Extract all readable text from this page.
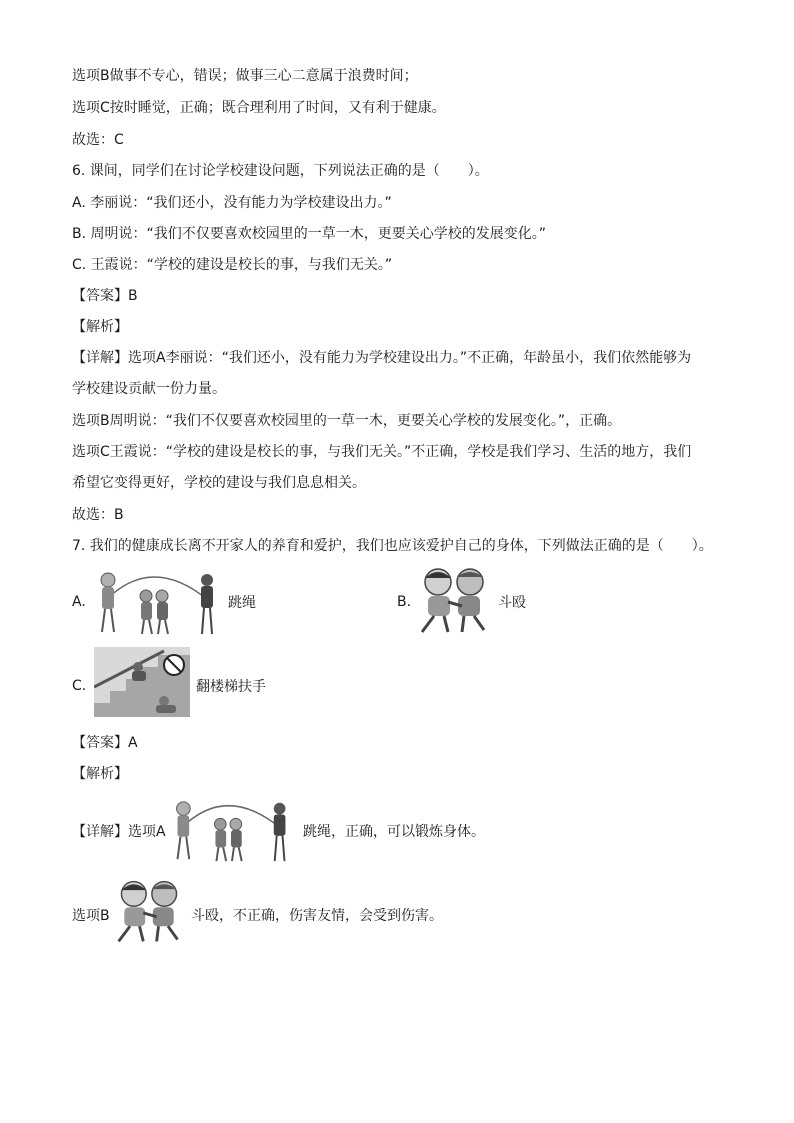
选项B做事不专心，错误；做事三心二意属于浪费时间；
选项C按时睡觉，正确；既合理利用了时间，又有利于健康。
故选：C
6. 课间，同学们在讨论学校建设问题，下列说法正确的是（　　）。
A. 李丽说：“我们还小，没有能力为学校建设出力。”
B. 周明说：“我们不仅要喜欢校园里的一草一木，更要关心学校的发展变化。”
C. 王霞说：“学校的建设是校长的事，与我们无关。”
【答案】B
【解析】
【详解】选项A李丽说：“我们还小，没有能力为学校建设出力。”不正确，年龄虽小，我们依然能够为
学校建设贡献一份力量。
选项B周明说：“我们不仅要喜欢校园里的一草一木，更要关心学校的发展变化。”，正确。
选项C王霞说：“学校的建设是校长的事，与我们无关。”不正确，学校是我们学习、生活的地方，我们
希望它变得更好，学校的建设与我们息息相关。
故选：B
7. 我们的健康成长离不开家人的养育和爱护，我们也应该爱护自己的身体，下列做法正确的是（　　）。
A.	跳绳	B.	斗殴
C.	翻楼梯扶手
【答案】A
【解析】
【详解】选项A	跳绳，正确，可以锻炼身体。
选项B	斗殴，不正确，伤害友情，会受到伤害。
